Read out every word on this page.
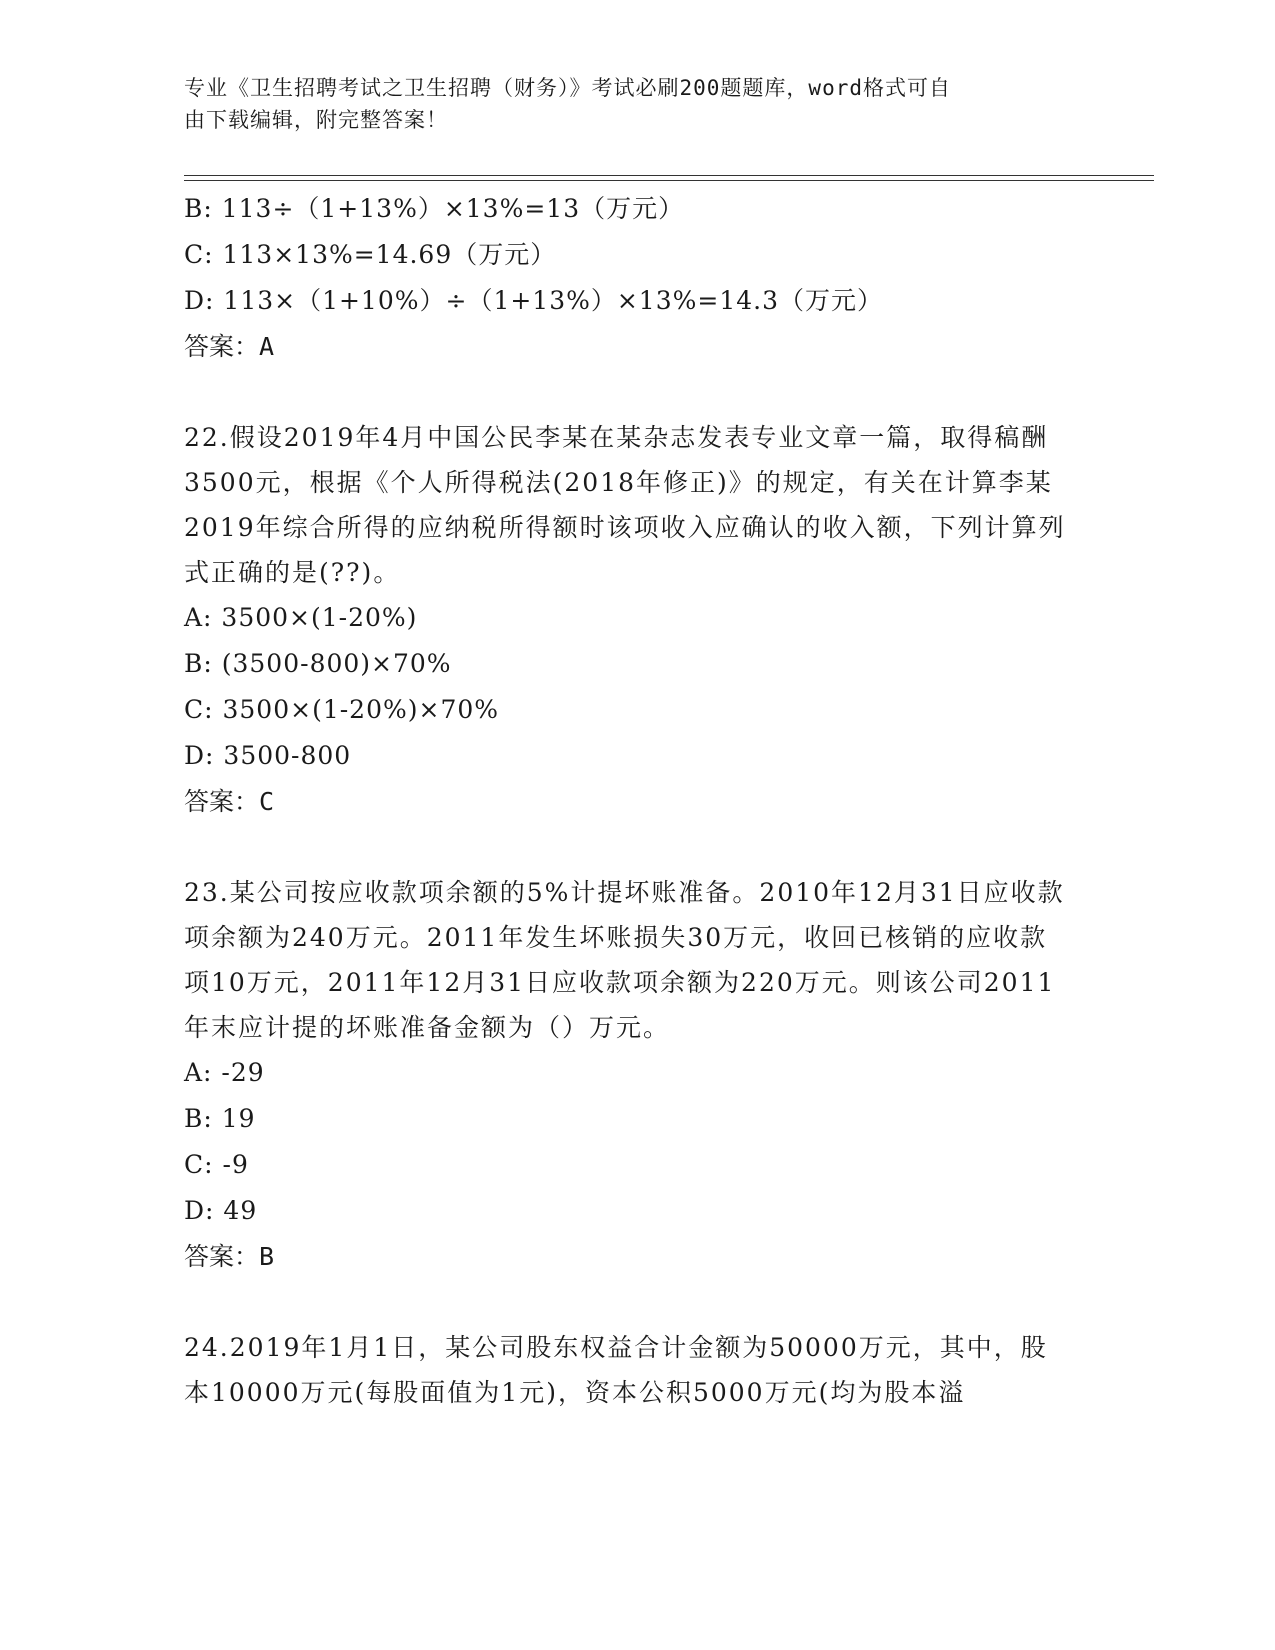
专业《卫生招聘考试之卫生招聘（财务）》考试必刷200题题库，word格式可自
由下载编辑，附完整答案！
B: 113÷（1+13%）×13%=13（万元）
C: 113×13%=14.69（万元）
D: 113×（1+10%）÷（1+13%）×13%=14.3（万元）
答案：A
22.假设2019年4月中国公民李某在某杂志发表专业文章一篇，取得稿酬3500元，根据《个人所得税法(2018年修正)》的规定，有关在计算李某2019年综合所得的应纳税所得额时该项收入应确认的收入额，下列计算列式正确的是(??)。
A: 3500×(1-20%)
B: (3500-800)×70%
C: 3500×(1-20%)×70%
D: 3500-800
答案：C
23.某公司按应收款项余额的5%计提坏账准备。2010年12月31日应收款项余额为240万元。2011年发生坏账损失30万元，收回已核销的应收款项10万元，2011年12月31日应收款项余额为220万元。则该公司2011年末应计提的坏账准备金额为（）万元。
A: -29
B: 19
C: -9
D: 49
答案：B
24.2019年1月1日，某公司股东权益合计金额为50000万元，其中，股本10000万元(每股面值为1元)，资本公积5000万元(均为股本溢
